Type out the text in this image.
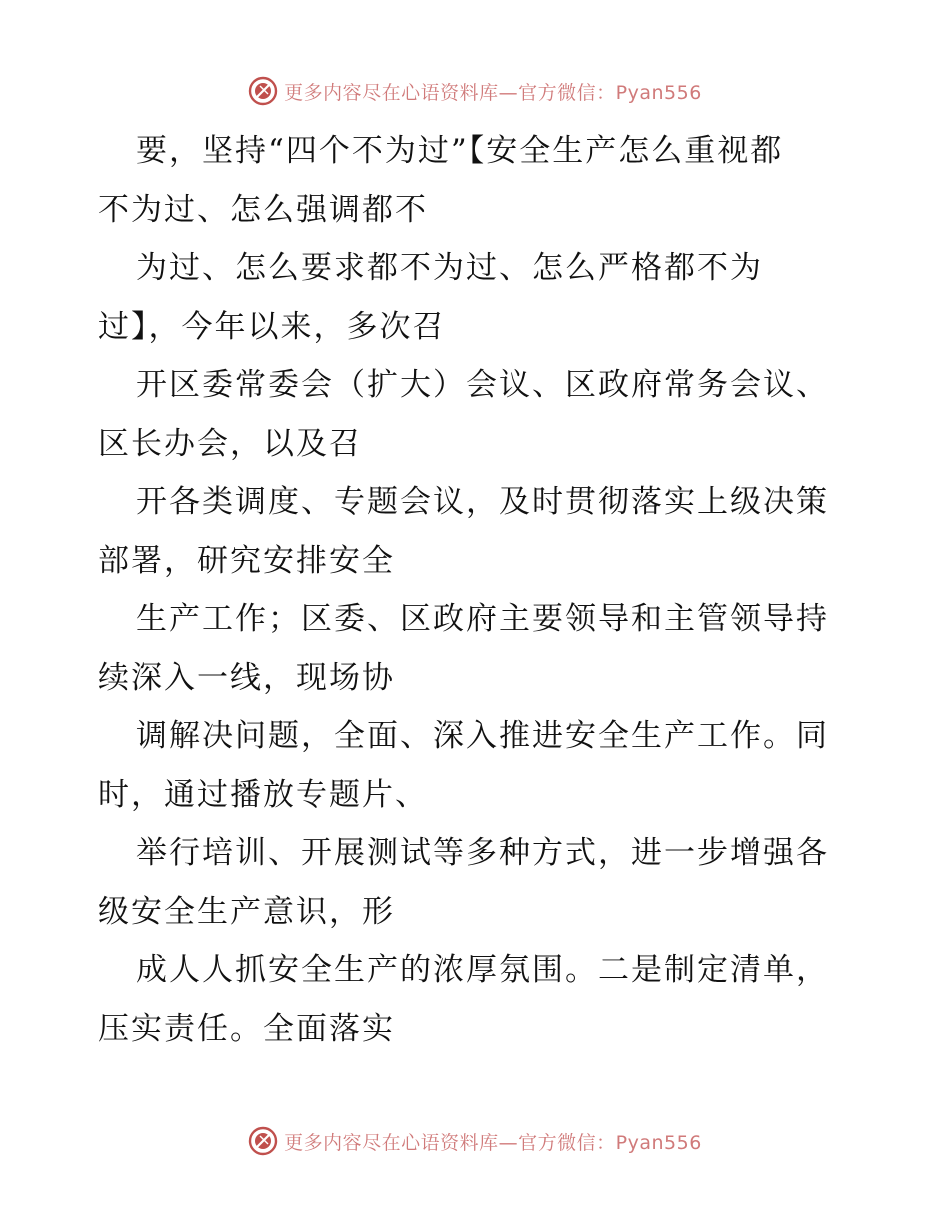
更多内容尽在心语资料库—官方微信：Pyan556

要，坚持“四个不为过”【安全生产怎么重视都
不为过、怎么强调都不

为过、怎么要求都不为过、怎么严格都不为
过】，今年以来，多次召

开区委常委会（扩大）会议、区政府常务会议、
区长办会，以及召

开各类调度、专题会议，及时贯彻落实上级决策
部署，研究安排安全

生产工作；区委、区政府主要领导和主管领导持
续深入一线，现场协

调解决问题，全面、深入推进安全生产工作。同
时，通过播放专题片、

举行培训、开展测试等多种方式，进一步增强各
级安全生产意识，形

成人人抓安全生产的浓厚氛围。二是制定清单，
压实责任。全面落实

更多内容尽在心语资料库—官方微信：Pyan556
